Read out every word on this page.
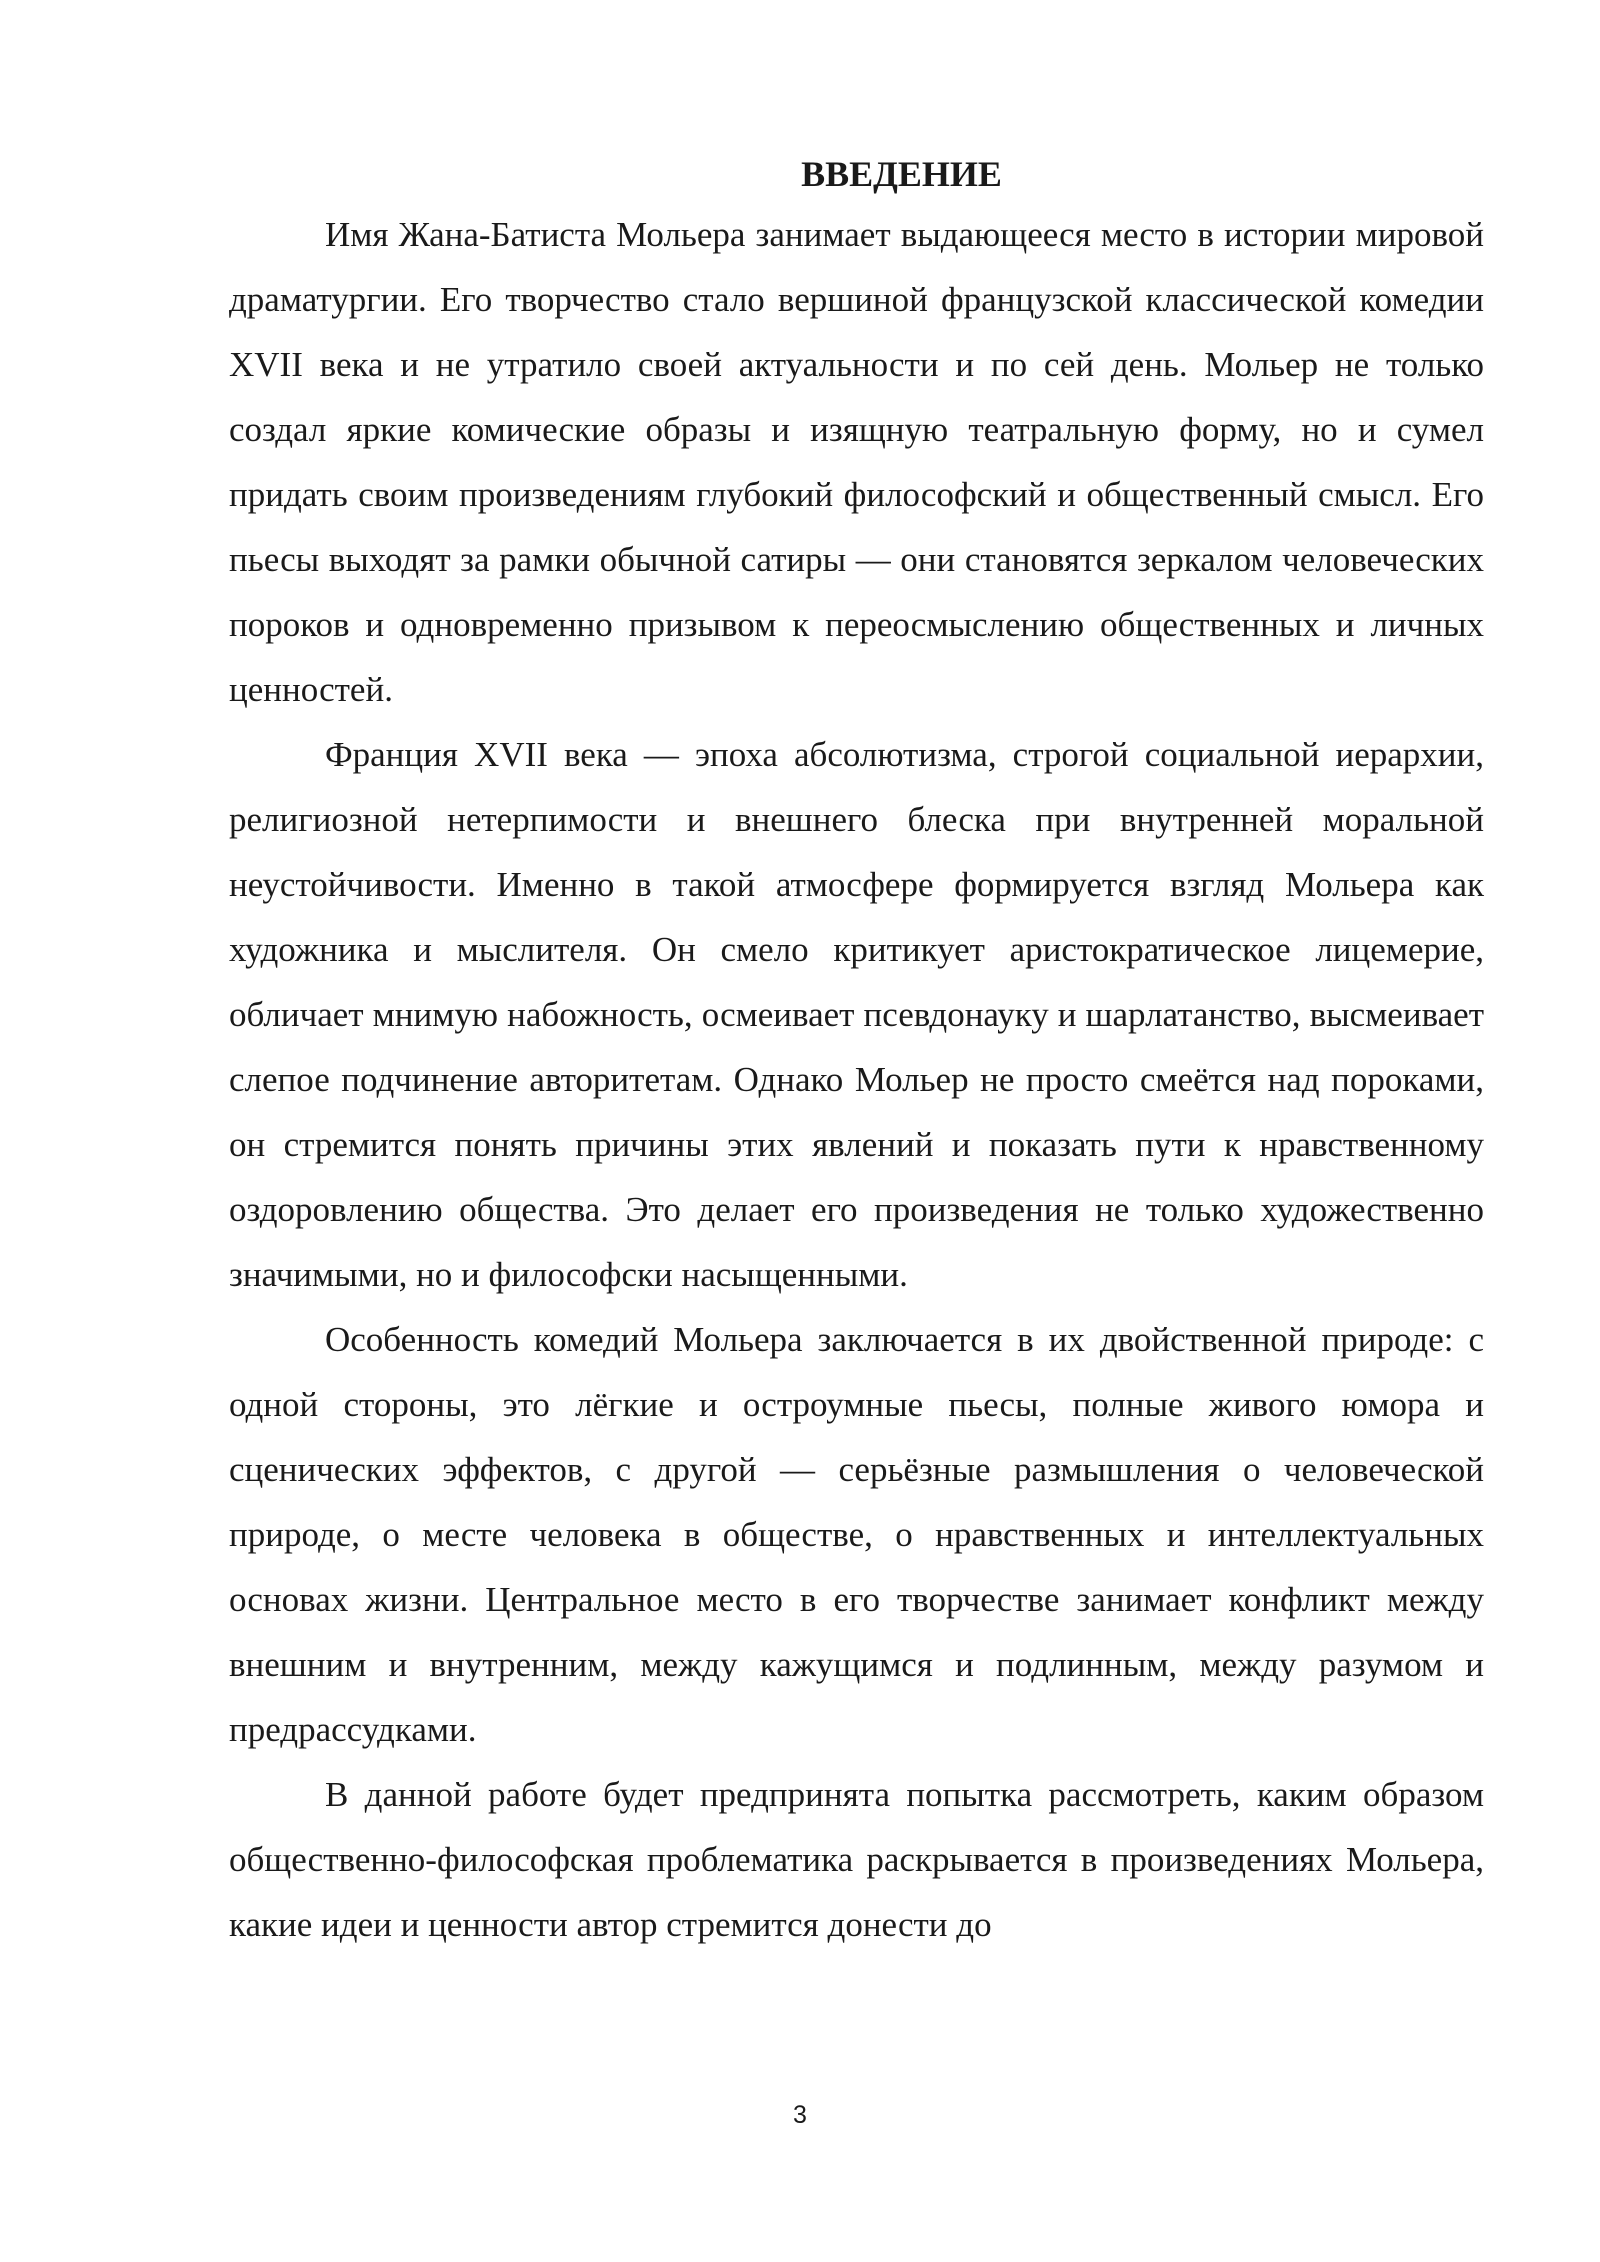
ВВЕДЕНИЕ

Имя Жана-Батиста Мольера занимает выдающееся место в истории мировой драматургии. Его творчество стало вершиной французской классической комедии XVII века и не утратило своей актуальности и по сей день. Мольер не только создал яркие комические образы и изящную театральную форму, но и сумел придать своим произведениям глубокий философский и общественный смысл. Его пьесы выходят за рамки обычной сатиры — они становятся зеркалом человеческих пороков и одновременно призывом к переосмыслению общественных и личных ценностей.

Франция XVII века — эпоха абсолютизма, строгой социальной иерархии, религиозной нетерпимости и внешнего блеска при внутренней моральной неустойчивости. Именно в такой атмосфере формируется взгляд Мольера как художника и мыслителя. Он смело критикует аристократическое лицемерие, обличает мнимую набожность, осмеивает псевдонауку и шарлатанство, высмеивает слепое подчинение авторитетам. Однако Мольер не просто смеётся над пороками, он стремится понять причины этих явлений и показать пути к нравственному оздоровлению общества. Это делает его произведения не только художественно значимыми, но и философски насыщенными.

Особенность комедий Мольера заключается в их двойственной природе: с одной стороны, это лёгкие и остроумные пьесы, полные живого юмора и сценических эффектов, с другой — серьёзные размышления о человеческой природе, о месте человека в обществе, о нравственных и интеллектуальных основах жизни. Центральное место в его творчестве занимает конфликт между внешним и внутренним, между кажущимся и подлинным, между разумом и предрассудками.

В данной работе будет предпринята попытка рассмотреть, каким образом общественно-философская проблематика раскрывается в произведениях Мольера, какие идеи и ценности автор стремится донести до

3
